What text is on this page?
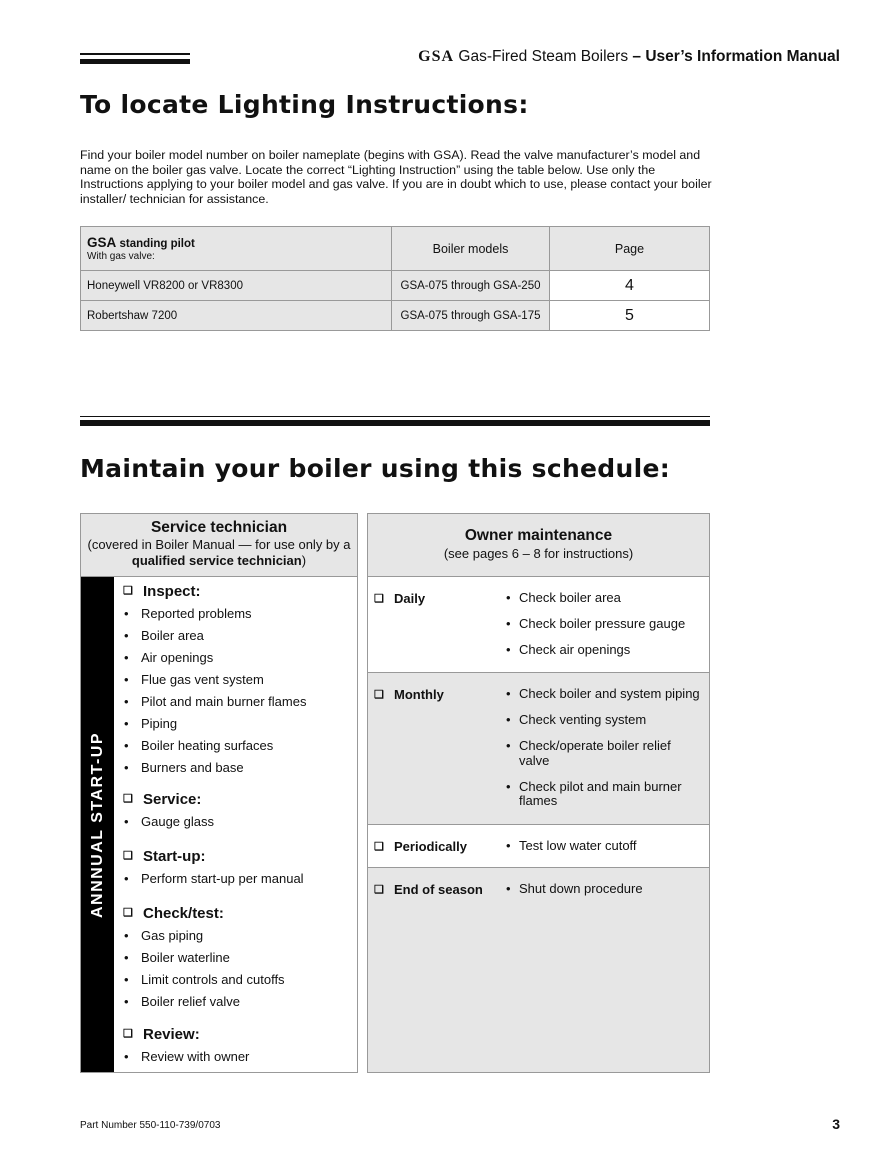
GSA Gas-Fired Steam Boilers – User’s Information Manual
To locate Lighting Instructions:
Find your boiler model number on boiler nameplate (begins with GSA). Read the valve manufacturer’s model and name on the boiler gas valve. Locate the correct “Lighting Instruction” using the table below. Use only the Instructions applying to your boiler model and gas valve. If you are in doubt which to use, please contact your boiler installer/ technician for assistance.
GSA standing pilot
With gas valve:	Boiler models	Page
Honeywell VR8200 or VR8300	GSA-075 through GSA-250	4
Robertshaw 7200	GSA-075 through GSA-175	5
Maintain your boiler using this schedule:
Service technician
(covered in Boiler Manual — for use only by a
qualified service technician)
ANNNUAL START-UP
❏ Inspect:
• Reported problems
• Boiler area
• Air openings
• Flue gas vent system
• Pilot and main burner flames
• Piping
• Boiler heating surfaces
• Burners and base
❏ Service:
• Gauge glass
❏ Start-up:
• Perform start-up per manual
❏ Check/test:
• Gas piping
• Boiler waterline
• Limit controls and cutoffs
• Boiler relief valve
❏ Review:
• Review with owner
Owner maintenance
(see pages 6 – 8 for instructions)
❏ Daily	• Check boiler area
• Check boiler pressure gauge
• Check air openings
❏ Monthly	• Check boiler and system piping
• Check venting system
• Check/operate boiler relief valve
• Check pilot and main burner flames
❏ Periodically	• Test low water cutoff
❏ End of season	• Shut down procedure
Part Number 550-110-739/0703	3
